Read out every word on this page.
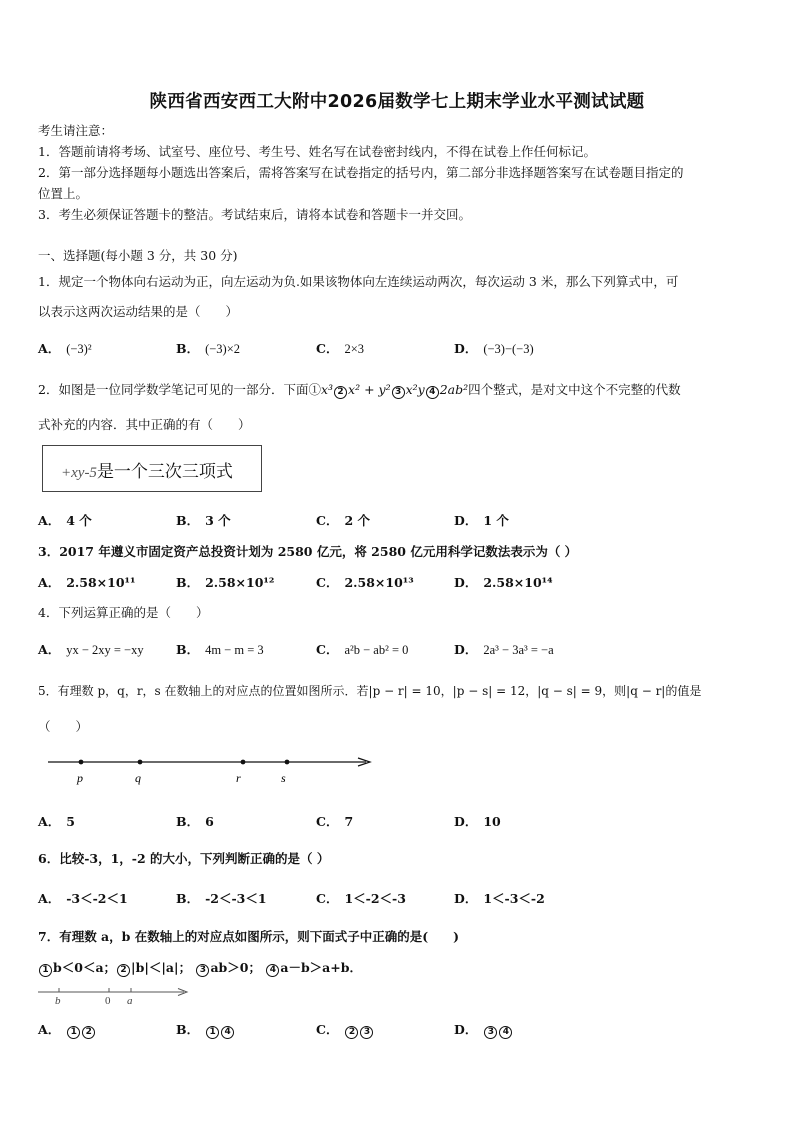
陕西省西安西工大附中2026届数学七上期末学业水平测试试题
考生请注意：
1．答题前请将考场、试室号、座位号、考生号、姓名写在试卷密封线内，不得在试卷上作任何标记。
2．第一部分选择题每小题选出答案后，需将答案写在试卷指定的括号内，第二部分非选择题答案写在试卷题目指定的
位置上。
3．考生必须保证答题卡的整洁。考试结束后，请将本试卷和答题卡一并交回。
一、选择题(每小题 3 分，共 30 分)
1．规定一个物体向右运动为正，向左运动为负.如果该物体向左连续运动两次，每次运动 3 米，那么下列算式中，可
以表示这两次运动结果的是（　　）
A． (−3)²	B． (−3)×2	C． 2×3	D． (−3)−(−3)
2．如图是一位同学数学笔记可见的一部分．下面①x³ 2 x² + y² 3 x²y 4 2ab²四个整式，是对文中这个不完整的代数
式补充的内容．其中正确的有（　　）
+xy-5是一个三次三项式
A． 4 个	B． 3 个	C． 2 个	D． 1 个
3．2017 年遵义市固定资产总投资计划为 2580 亿元，将 2580 亿元用科学记数法表示为（ ）
A． 2.58×10¹¹	B． 2.58×10¹²	C． 2.58×10¹³	D． 2.58×10¹⁴
4．下列运算正确的是（　　）
A． yx − 2xy = −xy	B． 4m − m = 3	C． a²b − ab² = 0	D． 2a³ − 3a³ = −a
5．有理数 p，q，r，s 在数轴上的对应点的位置如图所示．若|p − r| = 10，|p − s| = 12，|q − s| = 9，则|q − r|的值是
（　　）
p	q	r	s
A． 5	B． 6	C． 7	D． 10
6．比较-3，1，-2 的大小，下列判断正确的是（ ）
A． -3＜-2＜1	B． -2＜-3＜1	C． 1＜-2＜-3	D． 1＜-3＜-2
7．有理数 a，b 在数轴上的对应点如图所示，则下面式子中正确的是(　　)
1 b＜0＜a； 2 |b|＜|a|； 3 ab＞0； 4 a－b＞a+b．
b	0 a
A． 1 2	B． 1 4	C． 2 3	D． 3 4
